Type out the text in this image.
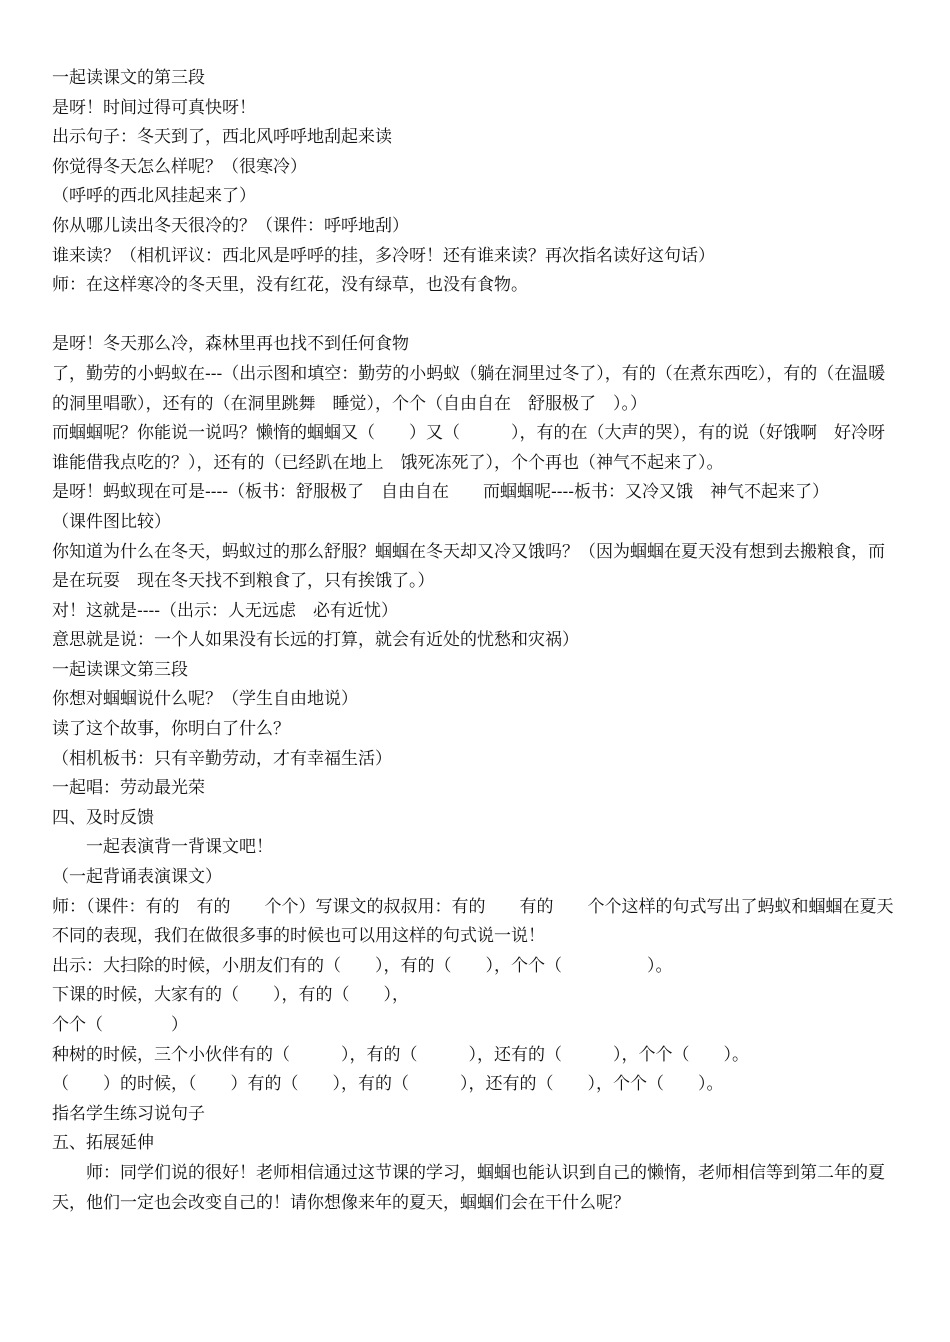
一起读课文的第三段
是呀！时间过得可真快呀！
出示句子：冬天到了，西北风呼呼地刮起来读
你觉得冬天怎么样呢？（很寒冷）
（呼呼的西北风挂起来了）
你从哪儿读出冬天很冷的？（课件：呼呼地刮）
谁来读？（相机评议：西北风是呼呼的挂，多冷呀！还有谁来读？再次指名读好这句话）
师：在这样寒冷的冬天里，没有红花，没有绿草，也没有食物。
是呀！冬天那么冷，森林里再也找不到任何食物
了，勤劳的小蚂蚁在---（出示图和填空：勤劳的小蚂蚁（躺在洞里过冬了），有的（在煮东西吃），有的（在温暖的洞里唱歌），还有的（在洞里跳舞　睡觉），个个（自由自在　舒服极了　）。）
而蝈蝈呢？你能说一说吗？懒惰的蝈蝈又（　　）又（　　　），有的在（大声的哭），有的说（好饿啊　好冷呀　谁能借我点吃的？），还有的（已经趴在地上　饿死冻死了），个个再也（神气不起来了）。
是呀！蚂蚁现在可是----（板书：舒服极了　自由自在　　而蝈蝈呢----板书：又冷又饿　神气不起来了）
（课件图比较）
你知道为什么在冬天，蚂蚁过的那么舒服？蝈蝈在冬天却又冷又饿吗？（因为蝈蝈在夏天没有想到去搬粮食，而是在玩耍　现在冬天找不到粮食了，只有挨饿了。）
对！这就是----（出示：人无远虑　必有近忧）
意思就是说：一个人如果没有长远的打算，就会有近处的忧愁和灾祸）
一起读课文第三段
你想对蝈蝈说什么呢？（学生自由地说）
读了这个故事，你明白了什么？
（相机板书：只有辛勤劳动，才有幸福生活）
一起唱：劳动最光荣
四、及时反馈
　　一起表演背一背课文吧！
（一起背诵表演课文）
师：（课件：有的　有的　　个个）写课文的叔叔用：有的　　有的　　个个这样的句式写出了蚂蚁和蝈蝈在夏天不同的表现，我们在做很多事的时候也可以用这样的句式说一说！
出示：大扫除的时候，小朋友们有的（　　），有的（　　），个个（　　　　　）。
下课的时候，大家有的（　　），有的（　　），
个个（　　　　）
种树的时候，三个小伙伴有的（　　　），有的（　　　），还有的（　　　），个个（　　）。
（　　）的时候，（　　）有的（　　），有的（　　　），还有的（　　），个个（　　）。
指名学生练习说句子
五、拓展延伸
　　师：同学们说的很好！老师相信通过这节课的学习，蝈蝈也能认识到自己的懒惰，老师相信等到第二年的夏天，他们一定也会改变自己的！请你想像来年的夏天，蝈蝈们会在干什么呢？
